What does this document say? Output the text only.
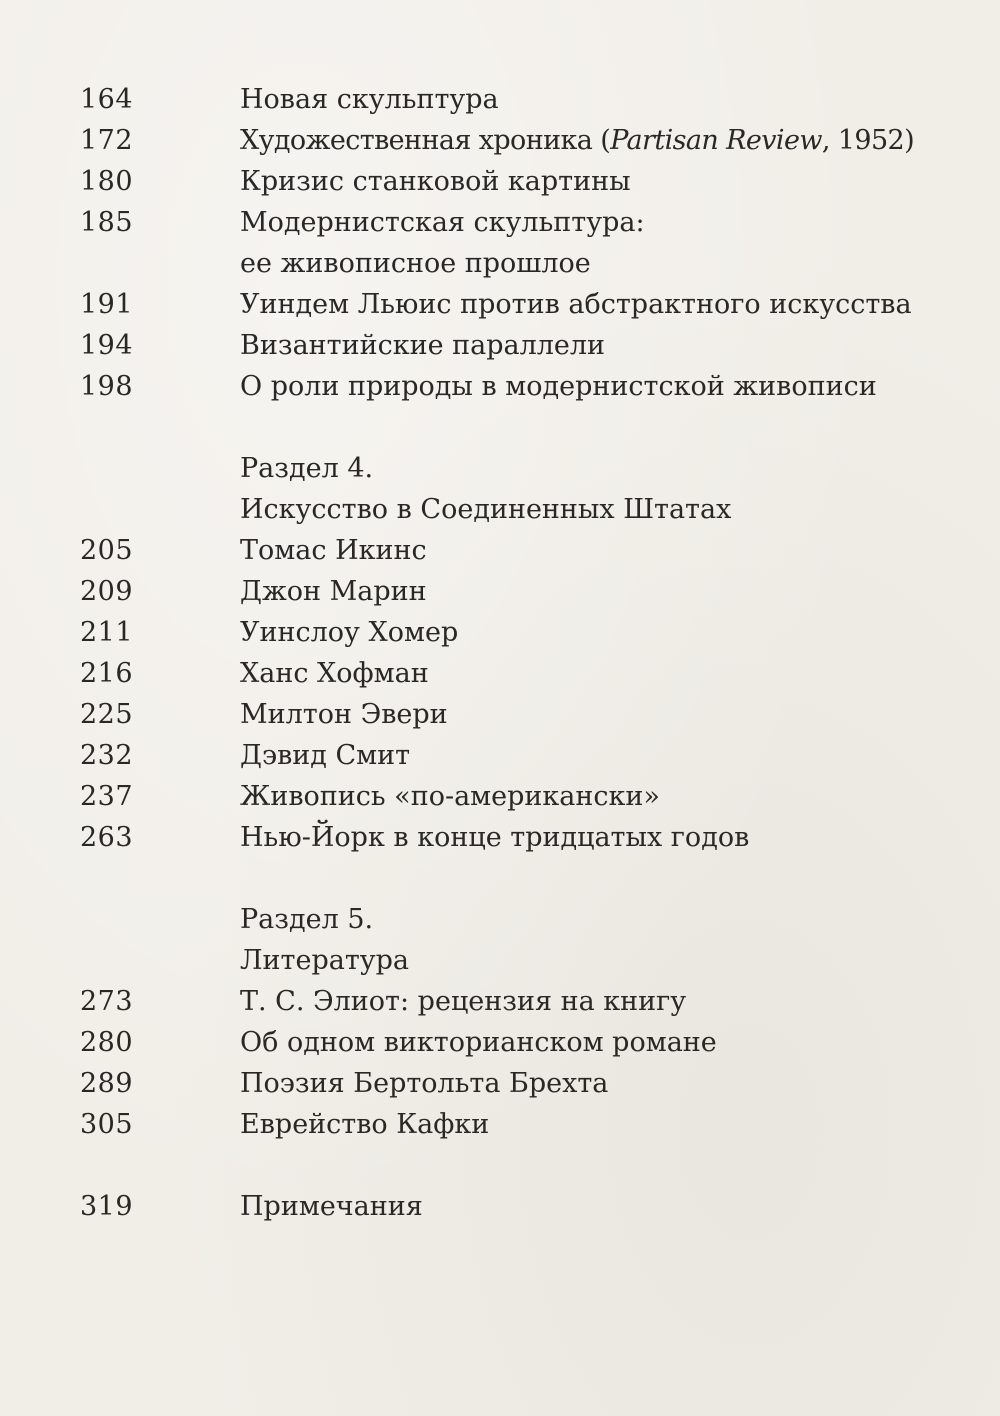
164	Новая скульптура
172	Художественная хроника (Partisan Review, 1952)
180	Кризис станковой картины
185	Модернистская скульптура:
ее живописное прошлое
191	Уиндем Льюис против абстрактного искусства
194	Византийские параллели
198	О роли природы в модернистской живописи
Раздел 4.
Искусство в Соединенных Штатах
205	Томас Икинс
209	Джон Марин
211	Уинслоу Хомер
216	Ханс Хофман
225	Милтон Эвери
232	Дэвид Смит
237	Живопись «по-американски»
263	Нью-Йорк в конце тридцатых годов
Раздел 5.
Литература
273	Т. С. Элиот: рецензия на книгу
280	Об одном викторианском романе
289	Поэзия Бертольта Брехта
305	Еврейство Кафки
319	Примечания
